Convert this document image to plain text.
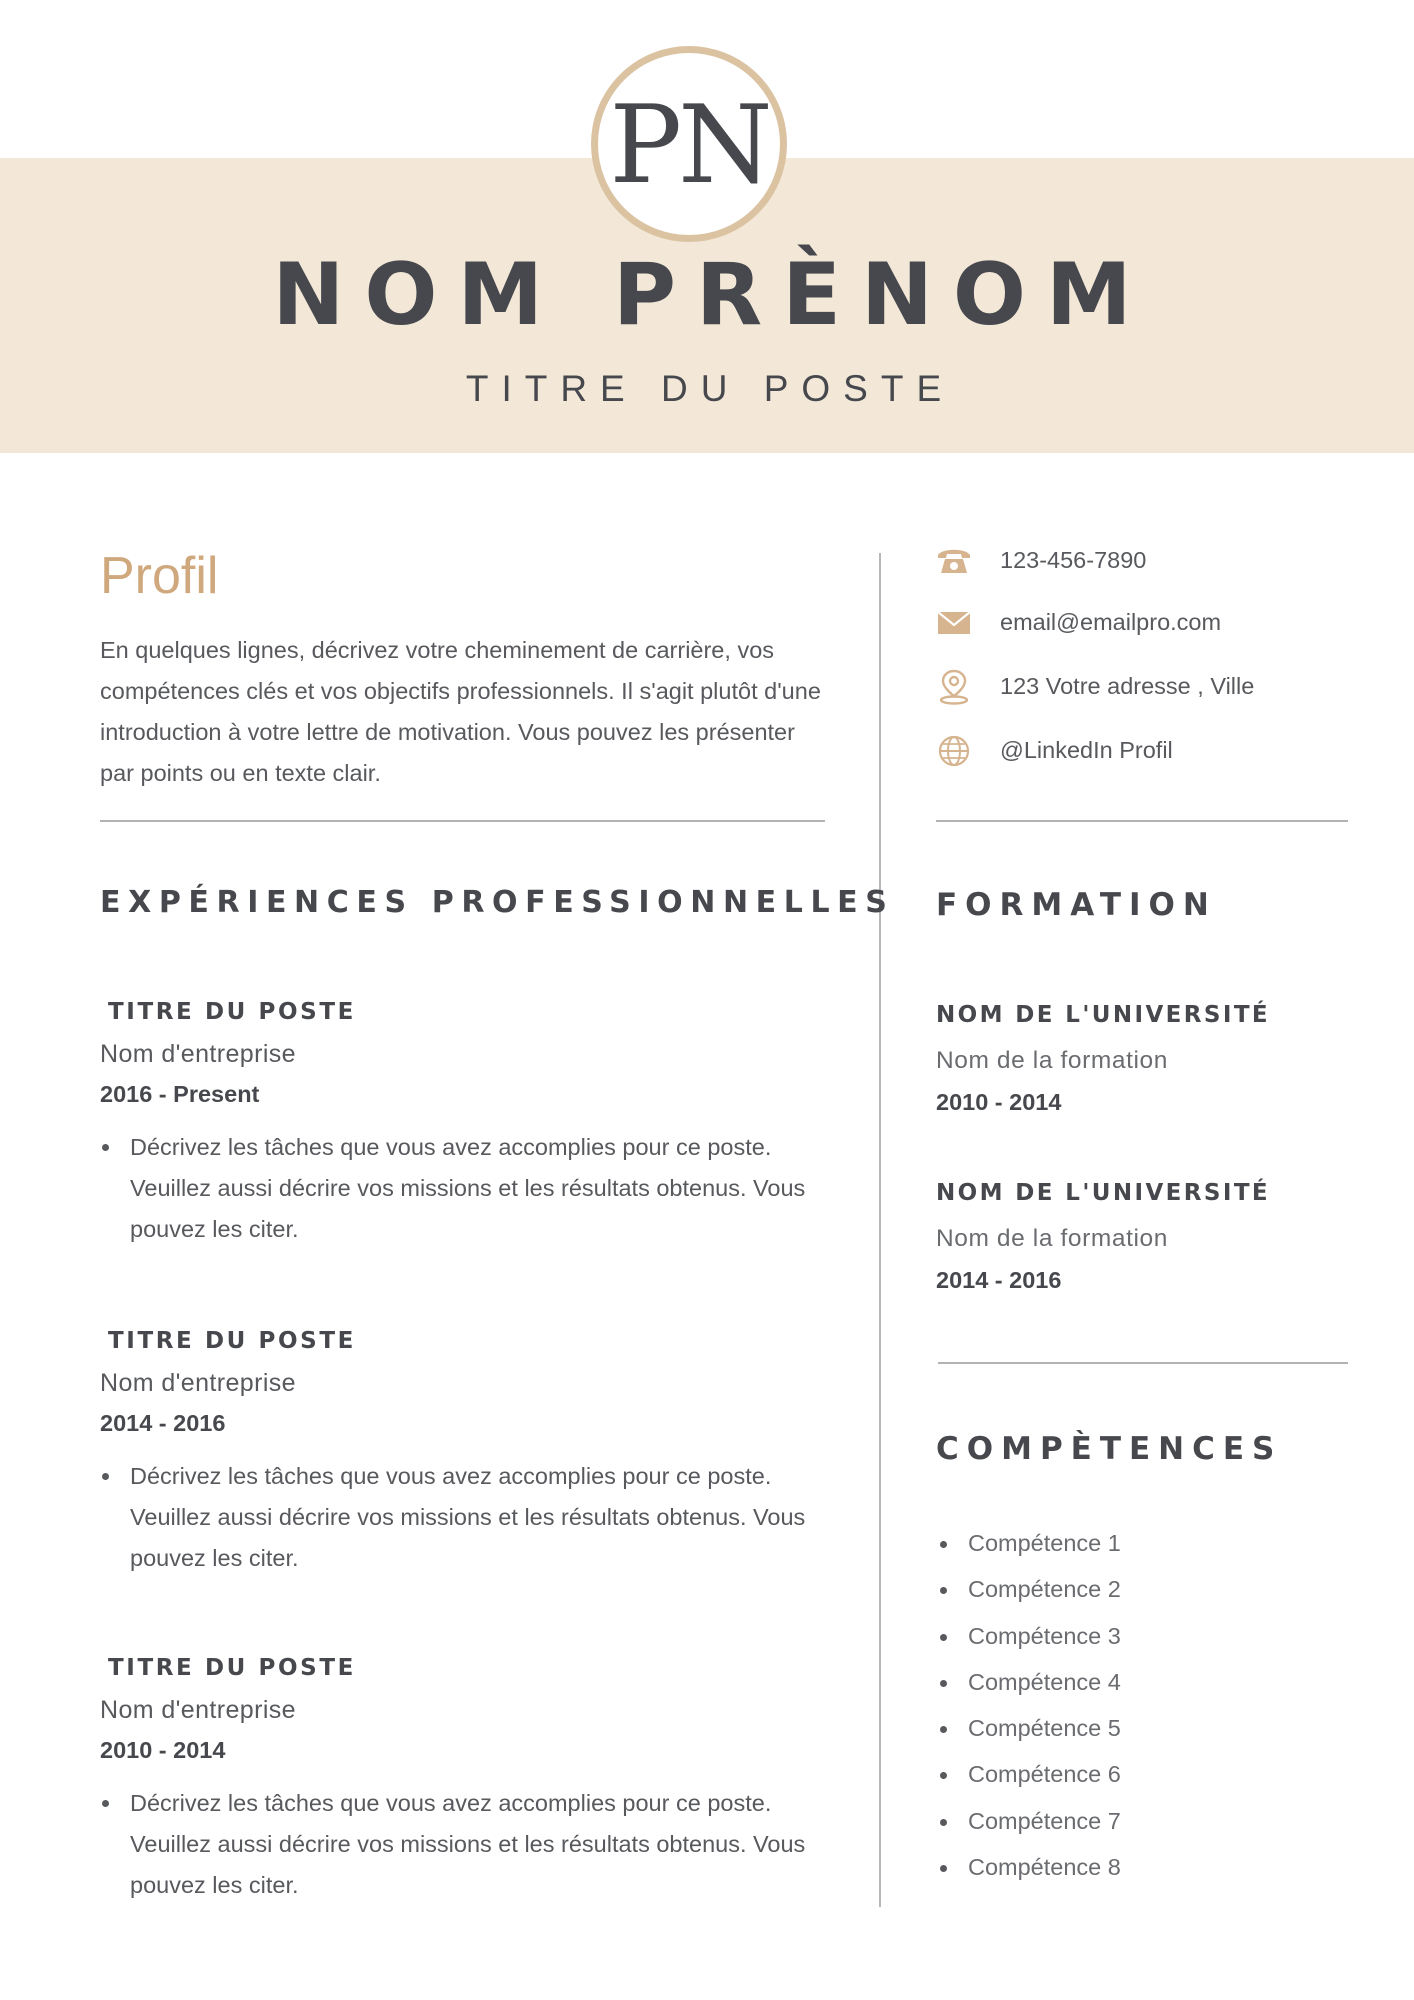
PN
NOM PRÈNOM
TITRE DU POSTE
Profil
En quelques lignes, décrivez votre cheminement de carrière, vos compétences clés et vos objectifs professionnels. Il s'agit plutôt d'une introduction à votre lettre de motivation. Vous pouvez les présenter par points ou en texte clair.
EXPÉRIENCES PROFESSIONNELLES
TITRE DU POSTE
Nom d'entreprise
2016 - Present
Décrivez les tâches que vous avez accomplies pour ce poste. Veuillez aussi décrire vos missions et les résultats obtenus. Vous pouvez les citer.
TITRE DU POSTE
Nom d'entreprise
2014 - 2016
Décrivez les tâches que vous avez accomplies pour ce poste. Veuillez aussi décrire vos missions et les résultats obtenus. Vous pouvez les citer.
TITRE DU POSTE
Nom d'entreprise
2010 - 2014
Décrivez les tâches que vous avez accomplies pour ce poste. Veuillez aussi décrire vos missions et les résultats obtenus. Vous pouvez les citer.
123-456-7890
email@emailpro.com
123 Votre adresse , Ville
@LinkedIn Profil
FORMATION
NOM DE L'UNIVERSITÉ
Nom de la formation
2010 - 2014
NOM DE L'UNIVERSITÉ
Nom de la formation
2014 - 2016
COMPÈTENCES
Compétence 1
Compétence 2
Compétence 3
Compétence 4
Compétence 5
Compétence 6
Compétence 7
Compétence 8
